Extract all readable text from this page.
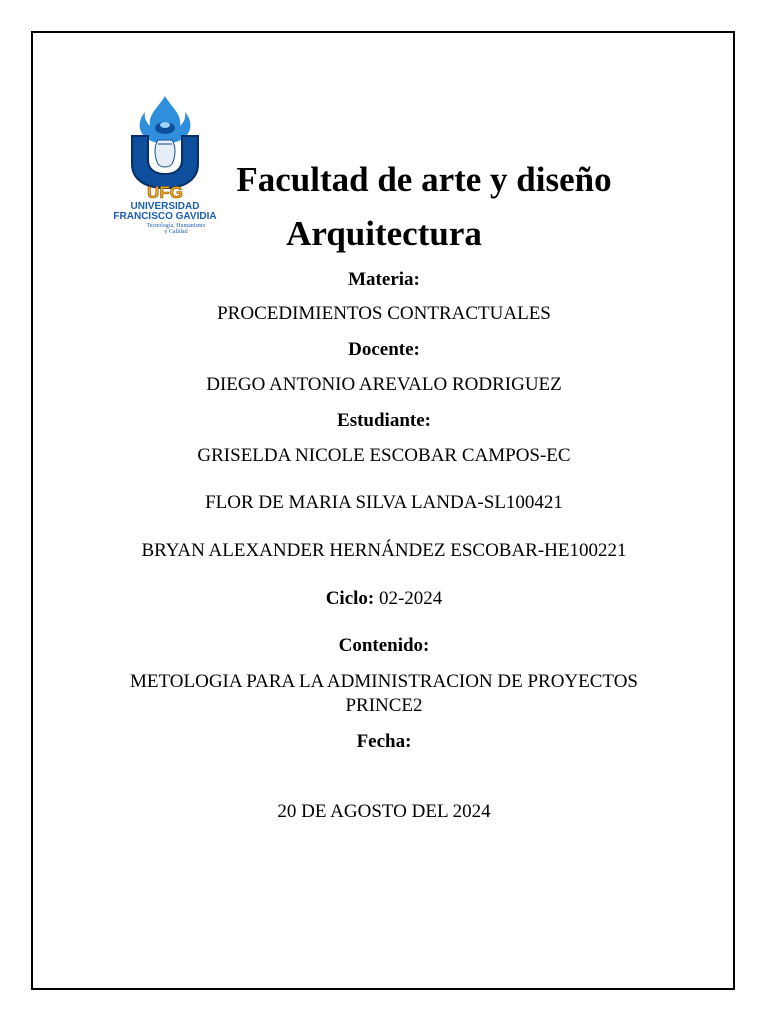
UFG
UNIVERSIDAD
FRANCISCO GAVIDIA
Tecnología, Humanismo
y Calidad
Facultad de arte y diseño
Arquitectura
Materia:
PROCEDIMIENTOS CONTRACTUALES
Docente:
DIEGO ANTONIO AREVALO RODRIGUEZ
Estudiante:
GRISELDA NICOLE ESCOBAR CAMPOS-EC
FLOR DE MARIA SILVA LANDA-SL100421
BRYAN ALEXANDER HERNÁNDEZ ESCOBAR-HE100221
Ciclo: 02-2024
Contenido:
METOLOGIA PARA LA ADMINISTRACION DE PROYECTOS
PRINCE2
Fecha:
20 DE AGOSTO DEL 2024
